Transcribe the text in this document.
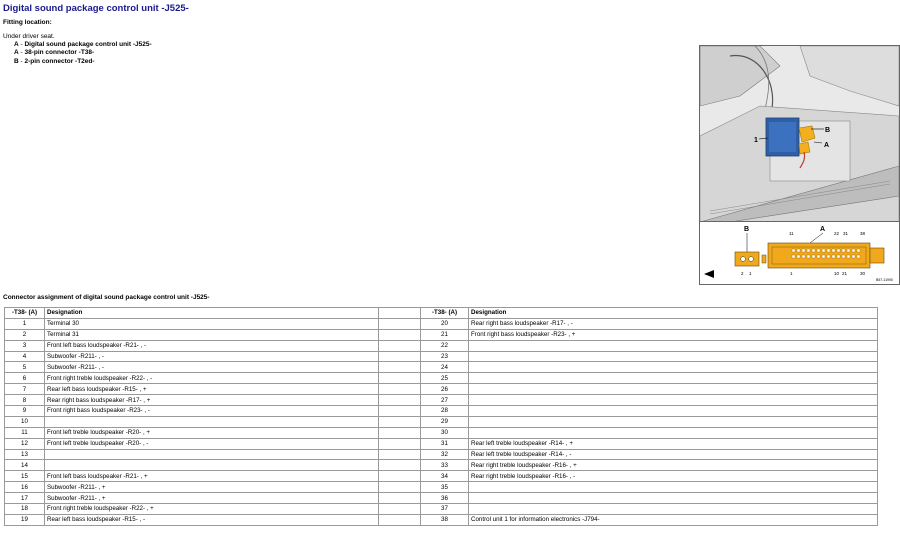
Digital sound package control unit -J525-
Fitting location:
Under driver seat.
A - Digital sound package control unit -J525-
A - 38-pin connector -T38-
B - 2-pin connector -T2ed-
1
B
A
B	A
11	22 31	38
1	10 21	30
2 1
B57-11990
Connector assignment of digital sound package control unit -J525-
-T38- (A)	Designation		-T38- (A)	Designation
1	Terminal 30		20	Rear right bass loudspeaker -R17- , -
2	Terminal 31		21	Front right bass loudspeaker -R23- , +
3	Front left bass loudspeaker -R21- , -		22	
4	Subwoofer -R211- , -		23	
5	Subwoofer -R211- , -		24	
6	Front right treble loudspeaker -R22- , -		25	
7	Rear left bass loudspeaker -R15- , +		26	
8	Rear right bass loudspeaker -R17- , +		27	
9	Front right bass loudspeaker -R23- , -		28	
10			29	
11	Front left treble loudspeaker -R20- , +		30	
12	Front left treble loudspeaker -R20- , -		31	Rear left treble loudspeaker -R14- , +
13			32	Rear left treble loudspeaker -R14- , -
14			33	Rear right treble loudspeaker -R16- , +
15	Front left bass loudspeaker -R21- , +		34	Rear right treble loudspeaker -R16- , -
16	Subwoofer -R211- , +		35	
17	Subwoofer -R211- , +		36	
18	Front right treble loudspeaker -R22- , +		37	
19	Rear left bass loudspeaker -R15- , -		38	Control unit 1 for information electronics -J794-
